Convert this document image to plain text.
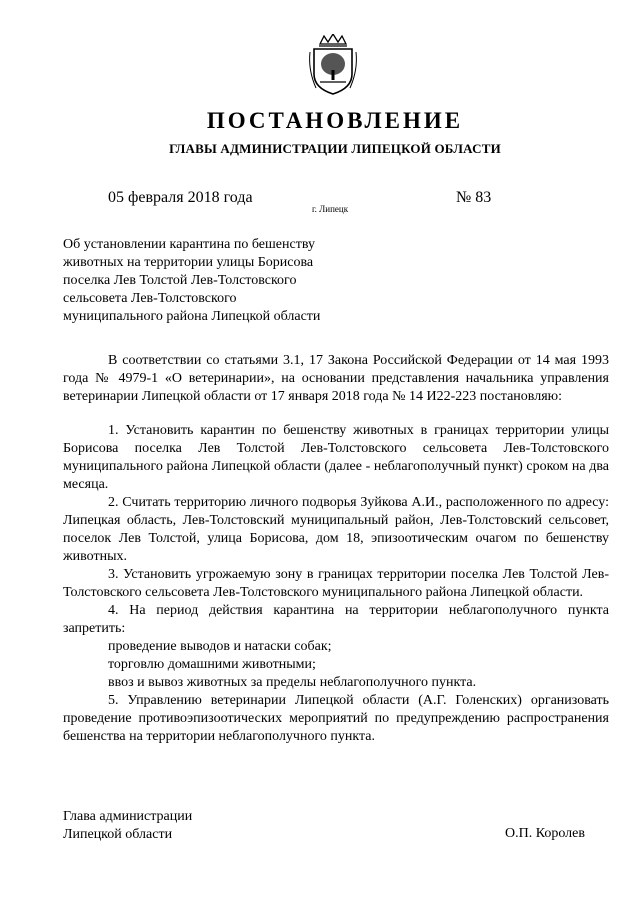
ПОСТАНОВЛЕНИЕ
ГЛАВЫ АДМИНИСТРАЦИИ ЛИПЕЦКОЙ ОБЛАСТИ
05 февраля 2018 года
г. Липецк
№ 83
Об установлении карантина по бешенству
животных на территории улицы Борисова
поселка Лев Толстой Лев-Толстовского
сельсовета Лев-Толстовского
муниципального района Липецкой области

В соответствии со статьями 3.1, 17 Закона Российской Федерации от 14 мая 1993 года № 4979-1 «О ветеринарии», на основании представления начальника управления ветеринарии Липецкой области от 17 января 2018 года № 14 И22-223 постановляю:

1. Установить карантин по бешенству животных в границах территории улицы Борисова поселка Лев Толстой Лев-Толстовского сельсовета Лев-Толстовского муниципального района Липецкой области (далее - неблагополучный пункт) сроком на два месяца.

2. Считать территорию личного подворья Зуйкова А.И., расположенного по адресу: Липецкая область, Лев-Толстовский муниципальный район, Лев-Толстовский сельсовет, поселок Лев Толстой, улица Борисова, дом 18, эпизоотическим очагом по бешенству животных.

3. Установить угрожаемую зону в границах территории поселка Лев Толстой Лев-Толстовского сельсовета Лев-Толстовского муниципального района Липецкой области.

4. На период действия карантина на территории неблагополучного пункта запретить:

проведение выводов и натаски собак;

торговлю домашними животными;

ввоз и вывоз животных за пределы неблагополучного пункта.

5. Управлению ветеринарии Липецкой области (А.Г. Голенских) организовать проведение противоэпизоотических мероприятий по предупреждению распространения бешенства на территории неблагополучного пункта.

Глава администрации
Липецкой области	О.П. Королев
